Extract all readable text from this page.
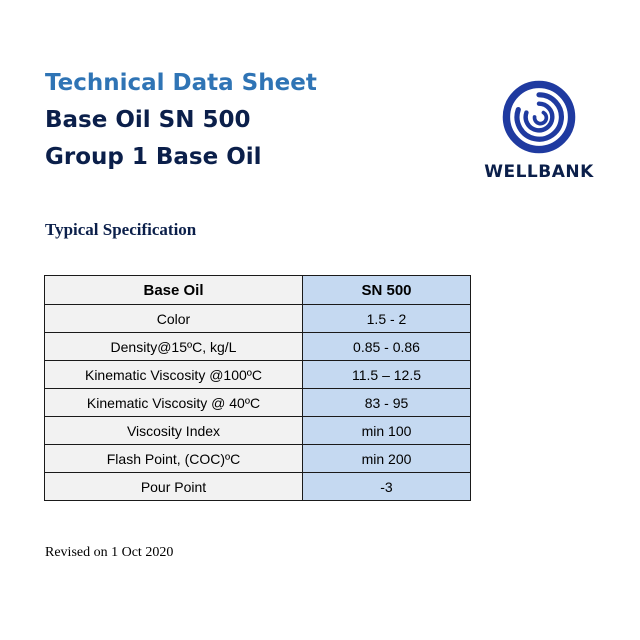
Technical Data Sheet
Base Oil SN 500
Group 1 Base Oil
WELLBANK
Typical Specification
Base Oil	SN 500
Color	1.5 - 2
Density@15ºC, kg/L	0.85 - 0.86
Kinematic Viscosity @100ºC	11.5 – 12.5
Kinematic Viscosity @ 40ºC	83 - 95
Viscosity Index	min 100
Flash Point, (COC)ºC	min 200
Pour Point	-3

Revised on 1 Oct 2020
